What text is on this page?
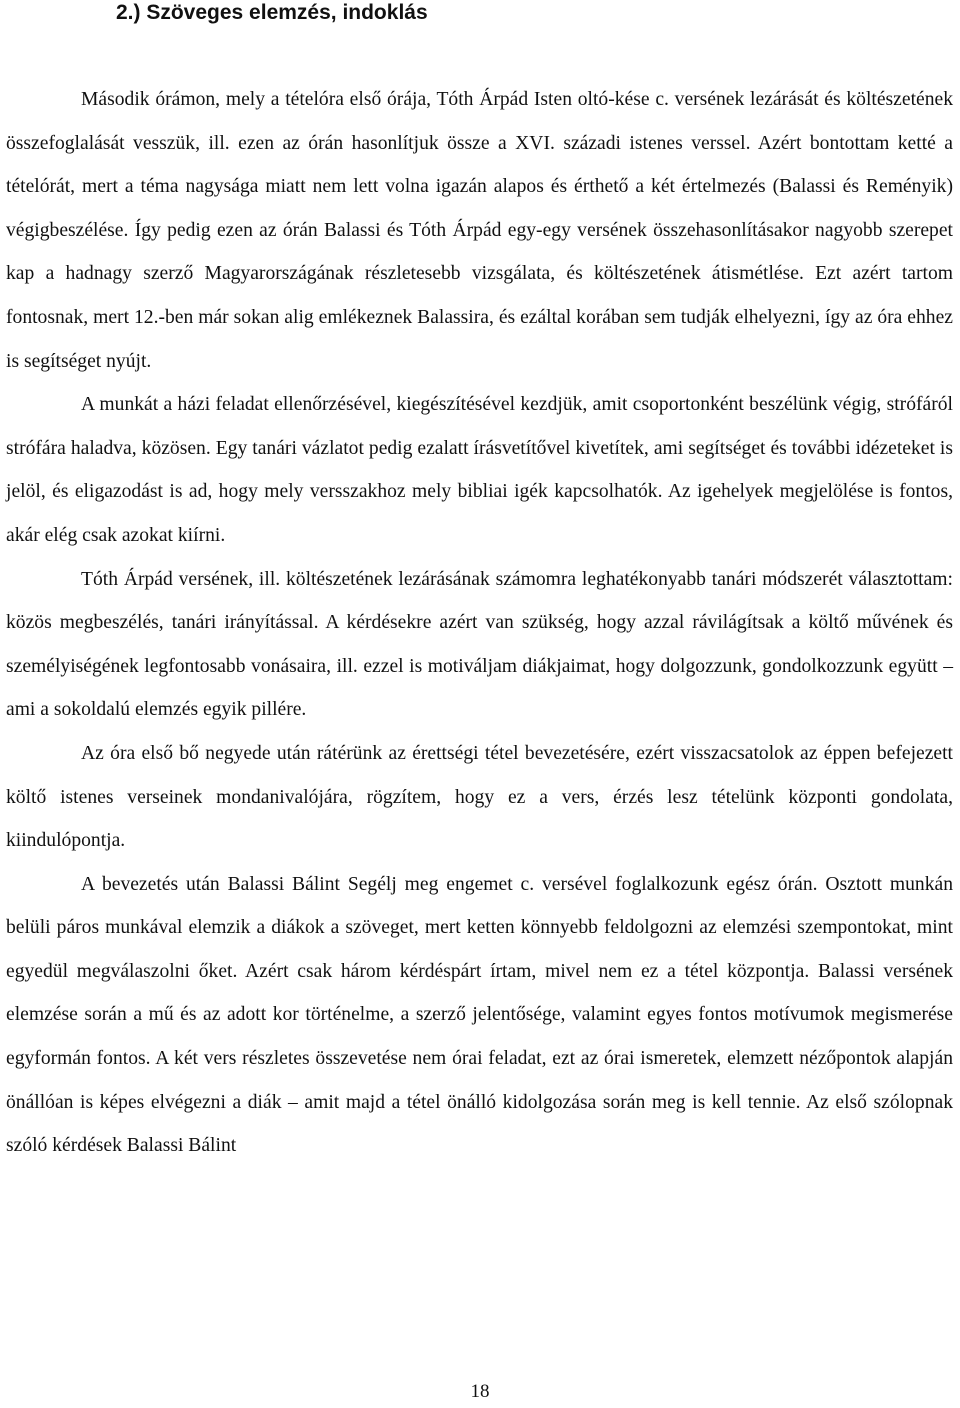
2.) Szöveges elemzés, indoklás

Második órámon, mely a tételóra első órája, Tóth Árpád Isten oltó-kése c. versének lezárását és költészetének összefoglalását vesszük, ill. ezen az órán hasonlítjuk össze a XVI. századi istenes verssel. Azért bontottam ketté a tételórát, mert a téma nagysága miatt nem lett volna igazán alapos és érthető a két értelmezés (Balassi és Reményik) végigbeszélése. Így pedig ezen az órán Balassi és Tóth Árpád egy-egy versének összehasonlításakor nagyobb szerepet kap a hadnagy szerző Magyarországának részletesebb vizsgálata, és költészetének átismétlése. Ezt azért tartom fontosnak, mert 12.-ben már sokan alig emlékeznek Balassira, és ezáltal korában sem tudják elhelyezni, így az óra ehhez is segítséget nyújt.

A munkát a házi feladat ellenőrzésével, kiegészítésével kezdjük, amit csoportonként beszélünk végig, strófáról strófára haladva, közösen. Egy tanári vázlatot pedig ezalatt írásvetítővel kivetítek, ami segítséget és további idézeteket is jelöl, és eligazodást is ad, hogy mely versszakhoz mely bibliai igék kapcsolhatók. Az igehelyek megjelölése is fontos, akár elég csak azokat kiírni.

Tóth Árpád versének, ill. költészetének lezárásának számomra leghatékonyabb tanári módszerét választottam: közös megbeszélés, tanári irányítással. A kérdésekre azért van szükség, hogy azzal rávilágítsak a költő művének és személyiségének legfontosabb vonásaira, ill. ezzel is motiváljam diákjaimat, hogy dolgozzunk, gondolkozzunk együtt – ami a sokoldalú elemzés egyik pillére.

Az óra első bő negyede után rátérünk az érettségi tétel bevezetésére, ezért visszacsatolok az éppen befejezett költő istenes verseinek mondanivalójára, rögzítem, hogy ez a vers, érzés lesz tételünk központi gondolata, kiindulópontja.

A bevezetés után Balassi Bálint Segélj meg engemet c. versével foglalkozunk egész órán. Osztott munkán belüli páros munkával elemzik a diákok a szöveget, mert ketten könnyebb feldolgozni az elemzési szempontokat, mint egyedül megválaszolni őket. Azért csak három kérdéspárt írtam, mivel nem ez a tétel központja. Balassi versének elemzése során a mű és az adott kor történelme, a szerző jelentősége, valamint egyes fontos motívumok megismerése egyformán fontos. A két vers részletes összevetése nem órai feladat, ezt az órai ismeretek, elemzett nézőpontok alapján önállóan is képes elvégezni a diák – amit majd a tétel önálló kidolgozása során meg is kell tennie. Az első szólopnak szóló kérdések Balassi Bálint

18
